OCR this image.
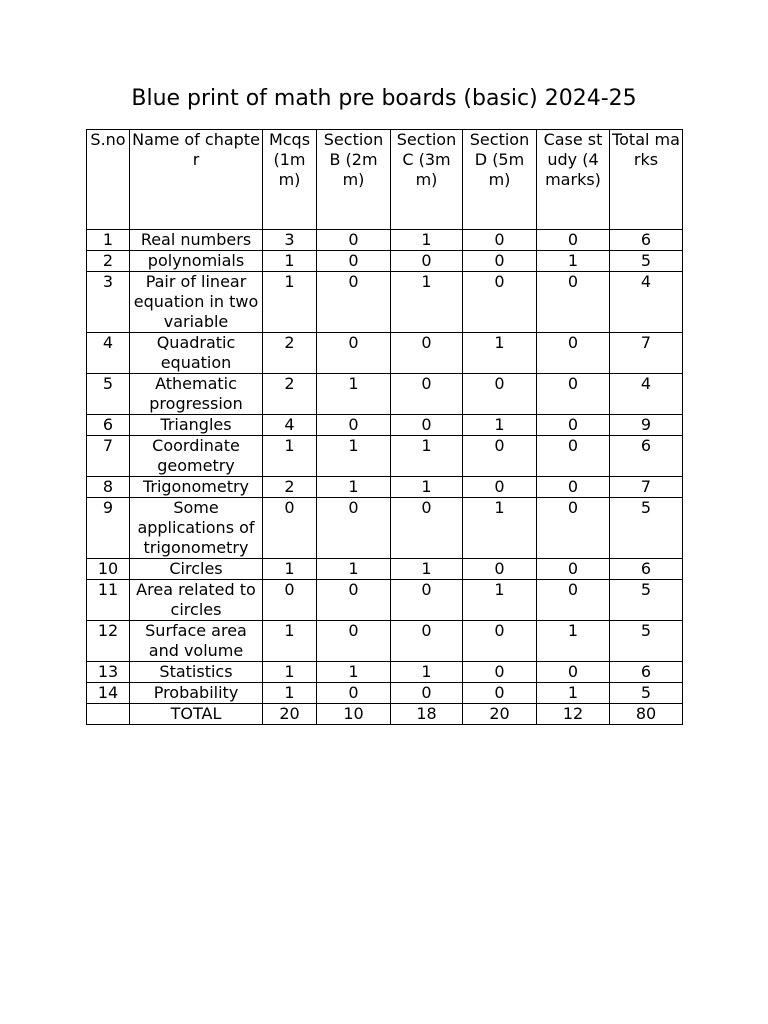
Blue print of math pre boards (basic) 2024-25
S.no	Name of chapter	Mcqs (1mm)	Section B (2mm)	Section C (3mm)	Section D (5mm)	Case study (4 marks)	Total marks
1	Real numbers	3	0	1	0	0	6
2	polynomials	1	0	0	0	1	5
3	Pair of linear equation in two variable	1	0	1	0	0	4
4	Quadratic equation	2	0	0	1	0	7
5	Athematic progression	2	1	0	0	0	4
6	Triangles	4	0	0	1	0	9
7	Coordinate geometry	1	1	1	0	0	6
8	Trigonometry	2	1	1	0	0	7
9	Some applications of trigonometry	0	0	0	1	0	5
10	Circles	1	1	1	0	0	6
11	Area related to circles	0	0	0	1	0	5
12	Surface area and volume	1	0	0	0	1	5
13	Statistics	1	1	1	0	0	6
14	Probability	1	0	0	0	1	5
	TOTAL	20	10	18	20	12	80
